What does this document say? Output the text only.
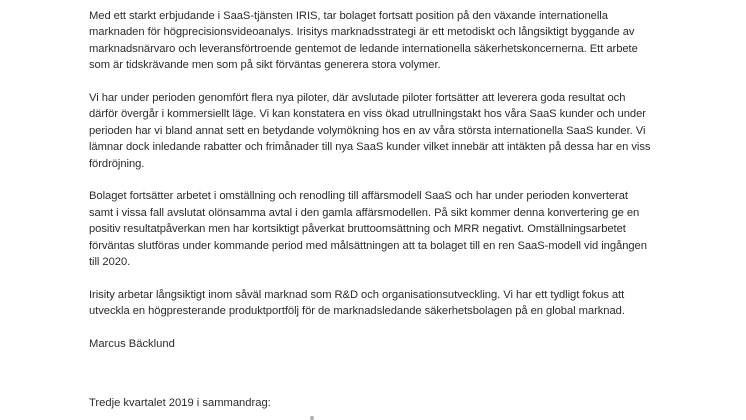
Med ett starkt erbjudande i SaaS-tjänsten IRIS, tar bolaget fortsatt position på den växande internationella
marknaden för högprecisionsvideoanalys. Irisitys marknadsstrategi är ett metodiskt och långsiktigt byggande av
marknadsnärvaro och leveransförtroende gentemot de ledande internationella säkerhetskoncernerna. Ett arbete
som är tidskrävande men som på sikt förväntas generera stora volymer.

Vi har under perioden genomfört flera nya piloter, där avslutade piloter fortsätter att leverera goda resultat och
därför övergår i kommersiellt läge. Vi kan konstatera en viss ökad utrullningstakt hos våra SaaS kunder och under
perioden har vi bland annat sett en betydande volymökning hos en av våra största internationella SaaS kunder. Vi
lämnar dock inledande rabatter och frimånader till nya SaaS kunder vilket innebär att intäkten på dessa har en viss
fördröjning.

Bolaget fortsätter arbetet i omställning och renodling till affärsmodell SaaS och har under perioden konverterat
samt i vissa fall avslutat olönsamma avtal i den gamla affärsmodellen. På sikt kommer denna konvertering ge en
positiv resultatpåverkan men har kortsiktigt påverkat bruttoomsättning och MRR negativt. Omställningsarbetet
förväntas slutföras under kommande period med målsättningen att ta bolaget till en ren SaaS-modell vid ingången
till 2020.

Irisity arbetar långsiktigt inom såväl marknad som R&D och organisationsutveckling. Vi har ett tydligt fokus att
utveckla en högpresterande produktportfölj för de marknadsledande säkerhetsbolagen på en global marknad.

Marcus Bäcklund

Tredje kvartalet 2019 i sammandrag:
